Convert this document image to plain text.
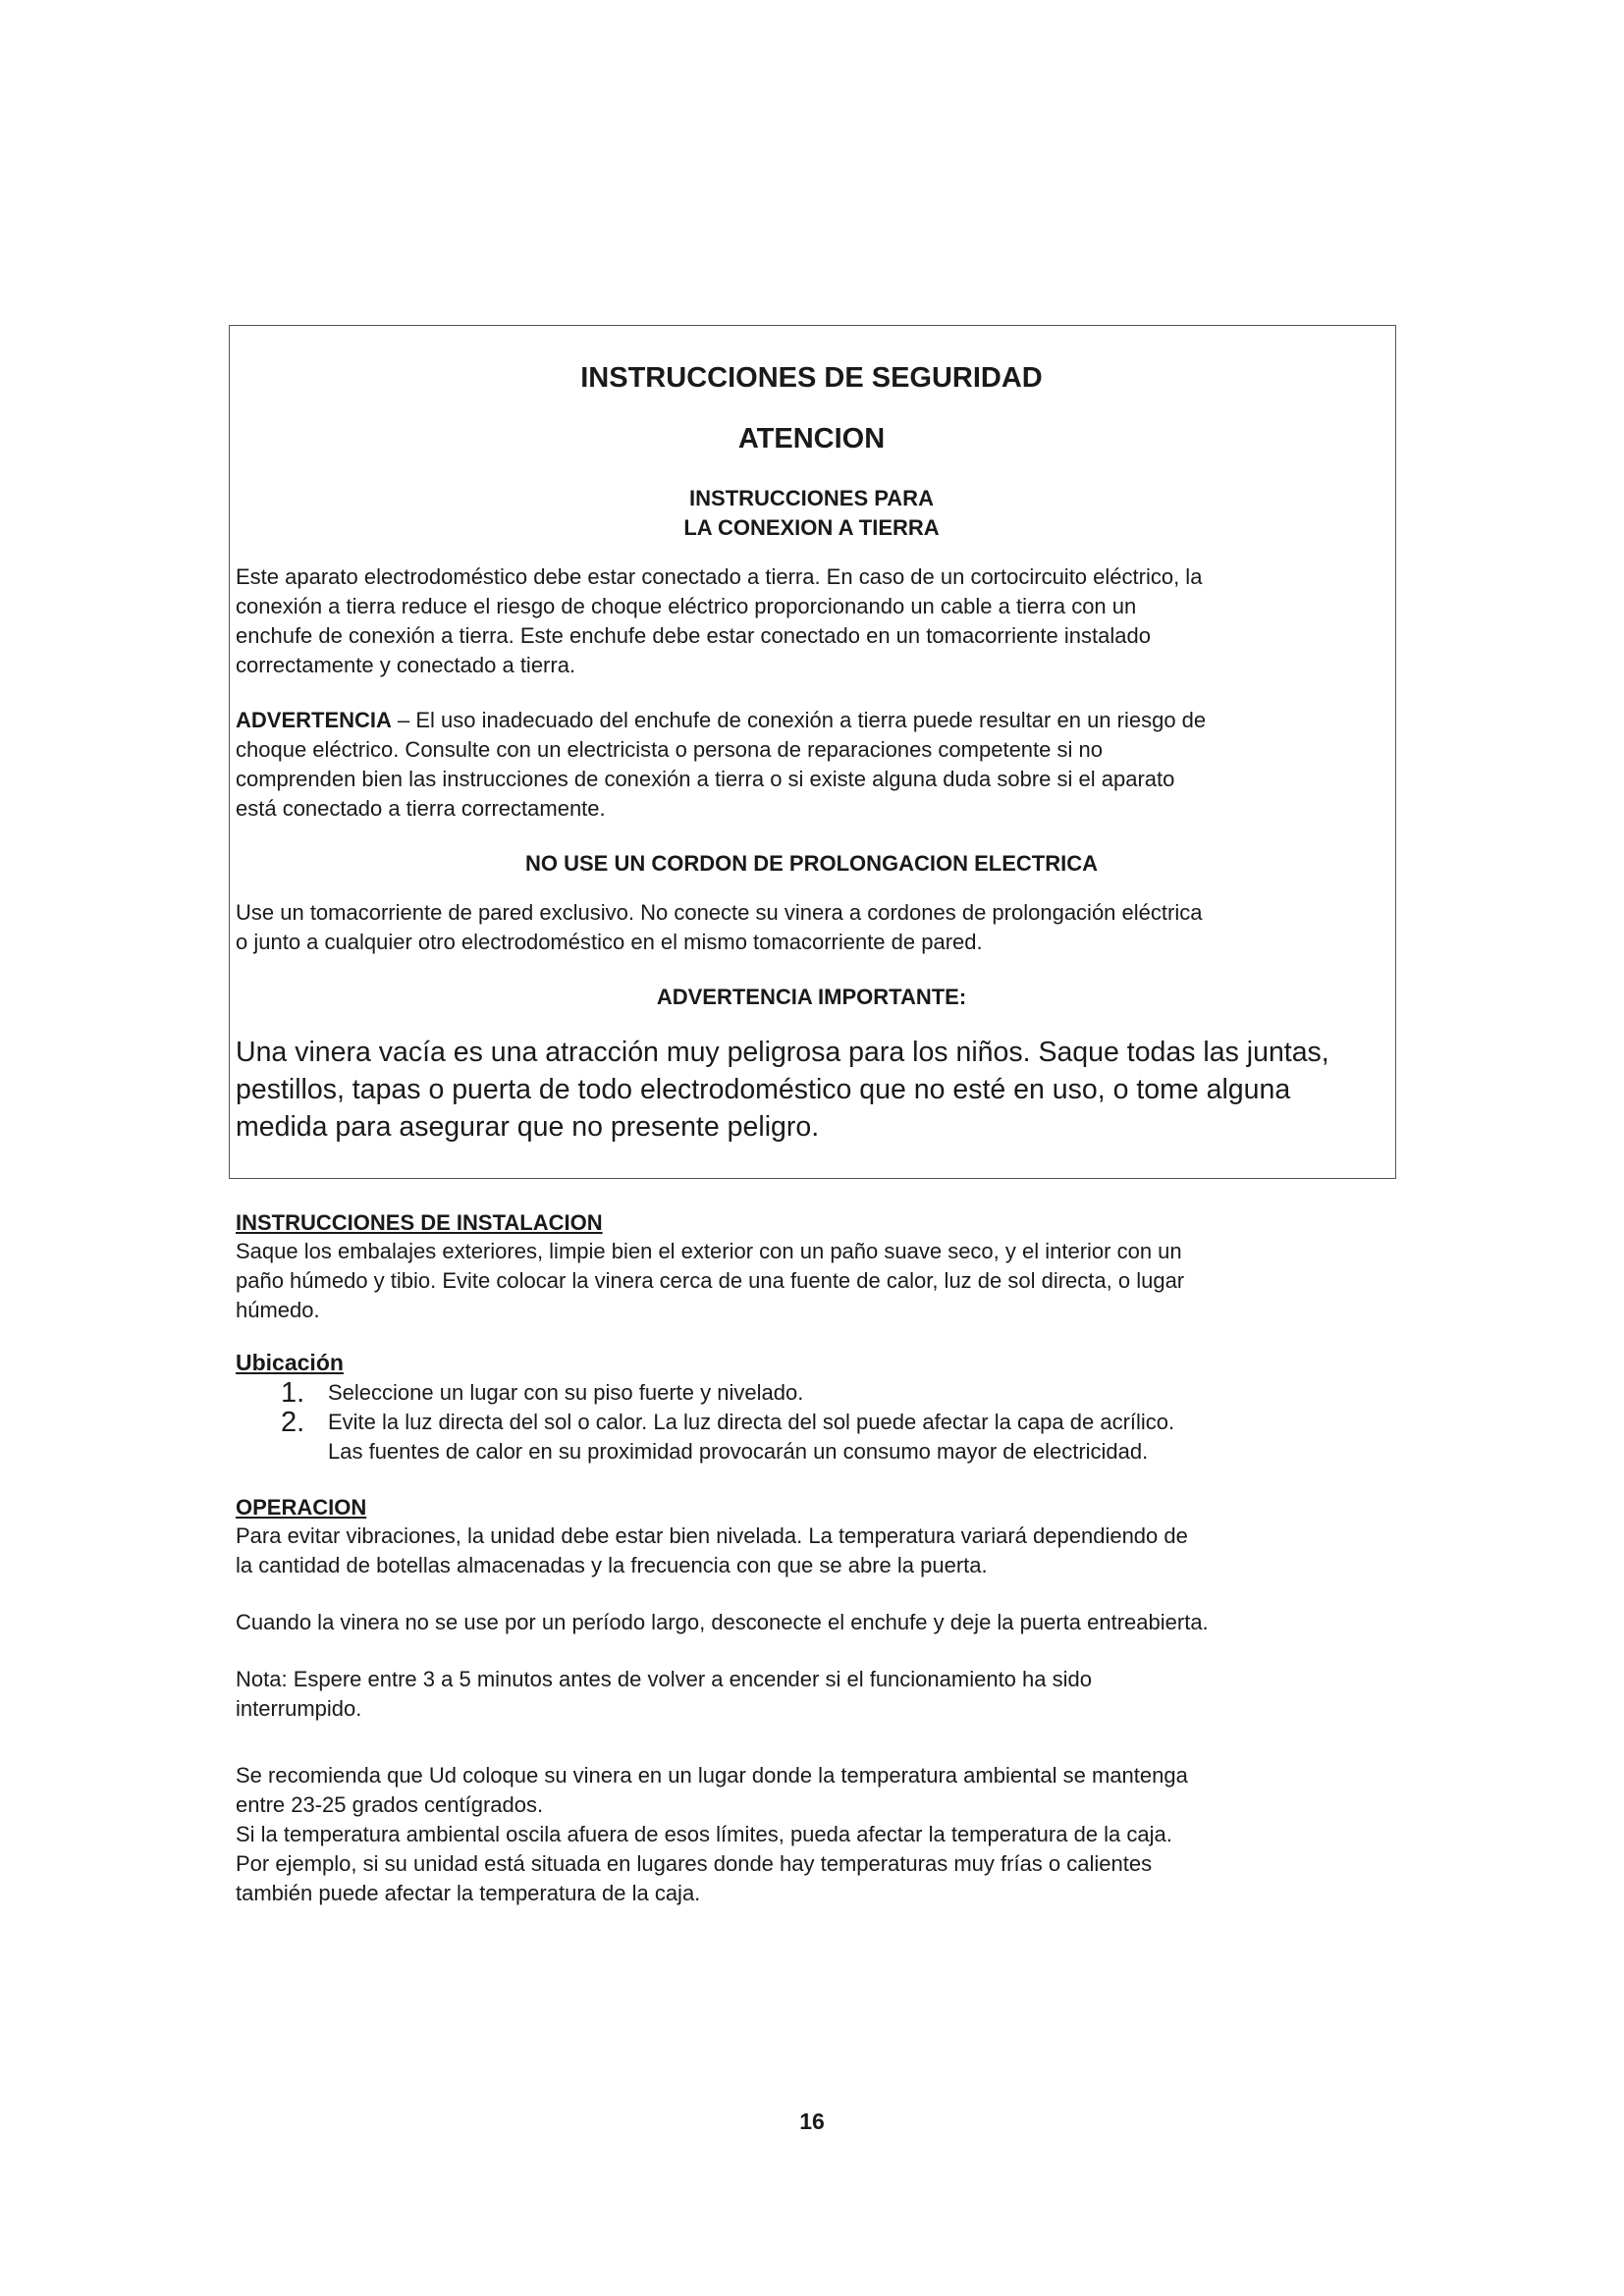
INSTRUCCIONES DE SEGURIDAD
ATENCION
INSTRUCCIONES PARA
LA CONEXION A TIERRA

Este aparato electrodoméstico debe estar conectado a tierra. En caso de un cortocircuito eléctrico, la
conexión a tierra reduce el riesgo de choque eléctrico proporcionando un cable a tierra con un
enchufe de conexión a tierra. Este enchufe debe estar conectado en un tomacorriente instalado
correctamente y conectado a tierra.

ADVERTENCIA – El uso inadecuado del enchufe de conexión a tierra puede resultar en un riesgo de
choque eléctrico. Consulte con un electricista o persona de reparaciones competente si no
comprenden bien las instrucciones de conexión a tierra o si existe alguna duda sobre si el aparato
está conectado a tierra correctamente.

NO USE UN CORDON DE PROLONGACION ELECTRICA

Use un tomacorriente de pared exclusivo. No conecte su vinera a cordones de prolongación eléctrica
o junto a cualquier otro electrodoméstico en el mismo tomacorriente de pared.

ADVERTENCIA IMPORTANTE:

Una vinera vacía es una atracción muy peligrosa para los niños. Saque todas las juntas,
pestillos, tapas o puerta de todo electrodoméstico que no esté en uso, o tome alguna
medida para asegurar que no presente peligro.

INSTRUCCIONES DE INSTALACION

Saque los embalajes exteriores, limpie bien el exterior con un paño suave seco, y el interior con un
paño húmedo y tibio. Evite colocar la vinera cerca de una fuente de calor, luz de sol directa, o lugar
húmedo.

Ubicación
1. Seleccione un lugar con su piso fuerte y nivelado.
2. Evite la luz directa del sol o calor. La luz directa del sol puede afectar la capa de acrílico.
Las fuentes de calor en su proximidad provocarán un consumo mayor de electricidad.
OPERACION

Para evitar vibraciones, la unidad debe estar bien nivelada. La temperatura variará dependiendo de
la cantidad de botellas almacenadas y la frecuencia con que se abre la puerta.

Cuando la vinera no se use por un período largo, desconecte el enchufe y deje la puerta entreabierta.

Nota: Espere entre 3 a 5 minutos antes de volver a encender si el funcionamiento ha sido
interrumpido.

Se recomienda que Ud coloque su vinera en un lugar donde la temperatura ambiental se mantenga
entre 23-25 grados centígrados.
Si la temperatura ambiental oscila afuera de esos límites, pueda afectar la temperatura de la caja.
Por ejemplo, si su unidad está situada en lugares donde hay temperaturas muy frías o calientes
también puede afectar la temperatura de la caja.

16
